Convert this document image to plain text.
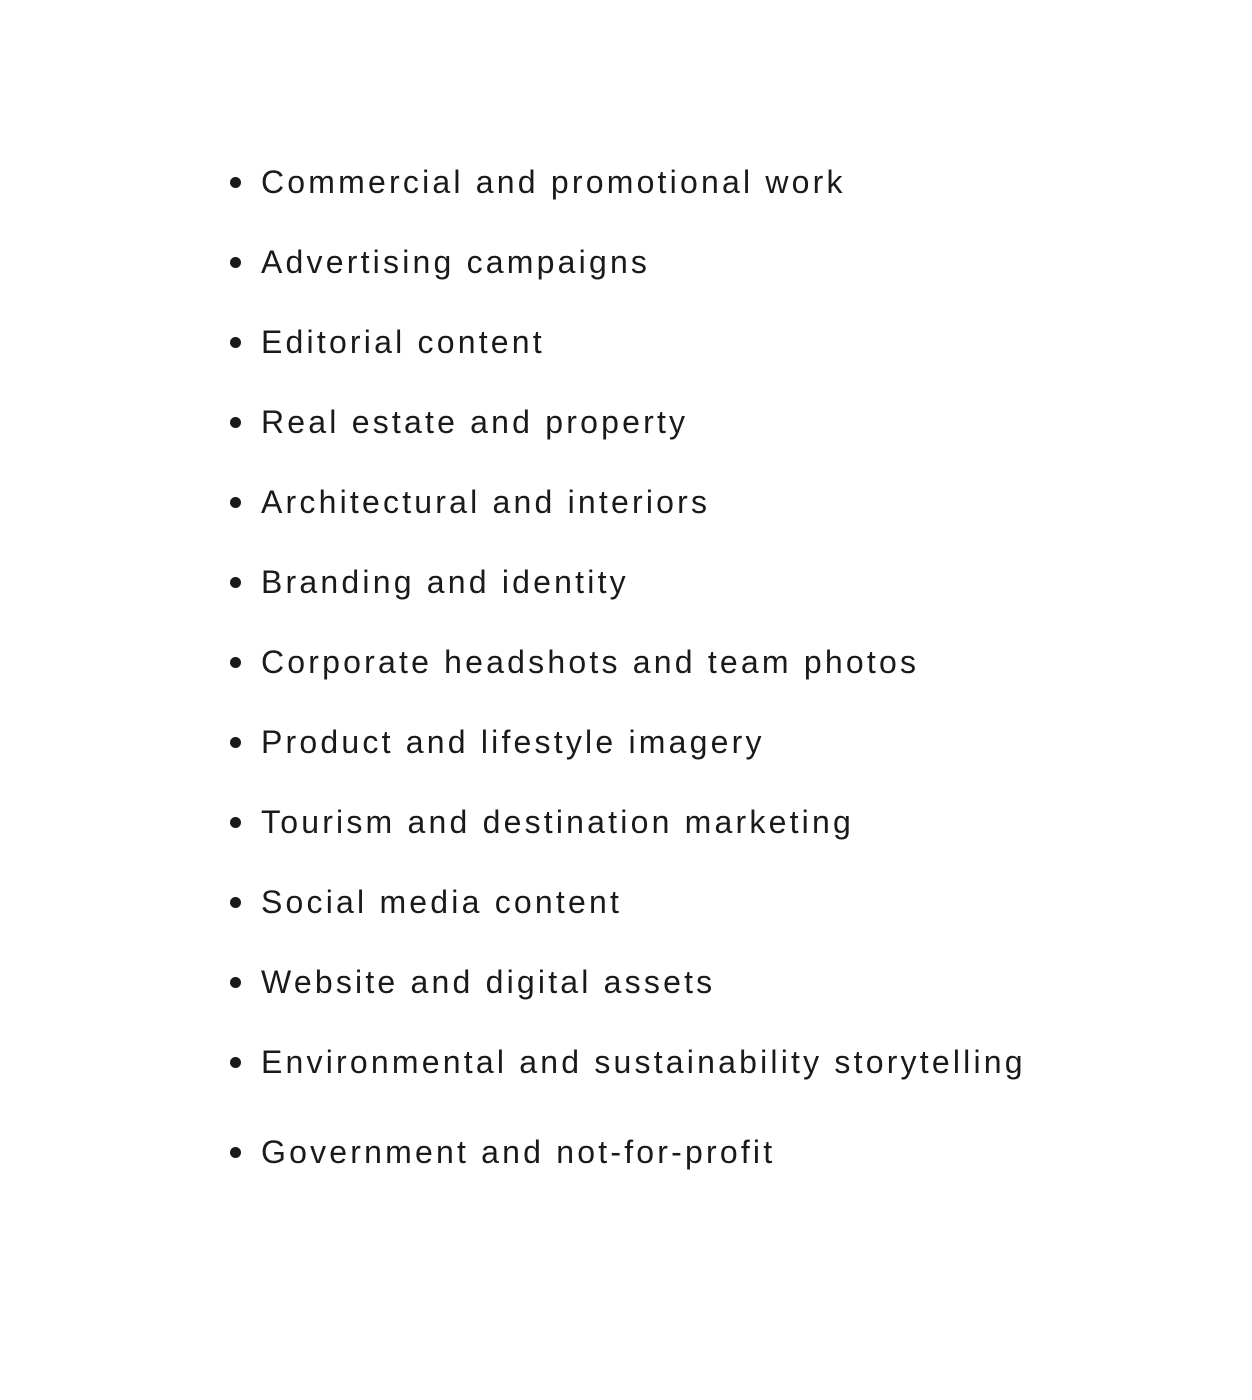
Commercial and promotional work
Advertising campaigns
Editorial content
Real estate and property
Architectural and interiors
Branding and identity
Corporate headshots and team photos
Product and lifestyle imagery
Tourism and destination marketing
Social media content
Website and digital assets
Environmental and sustainability storytelling
Government and not-for-profit
